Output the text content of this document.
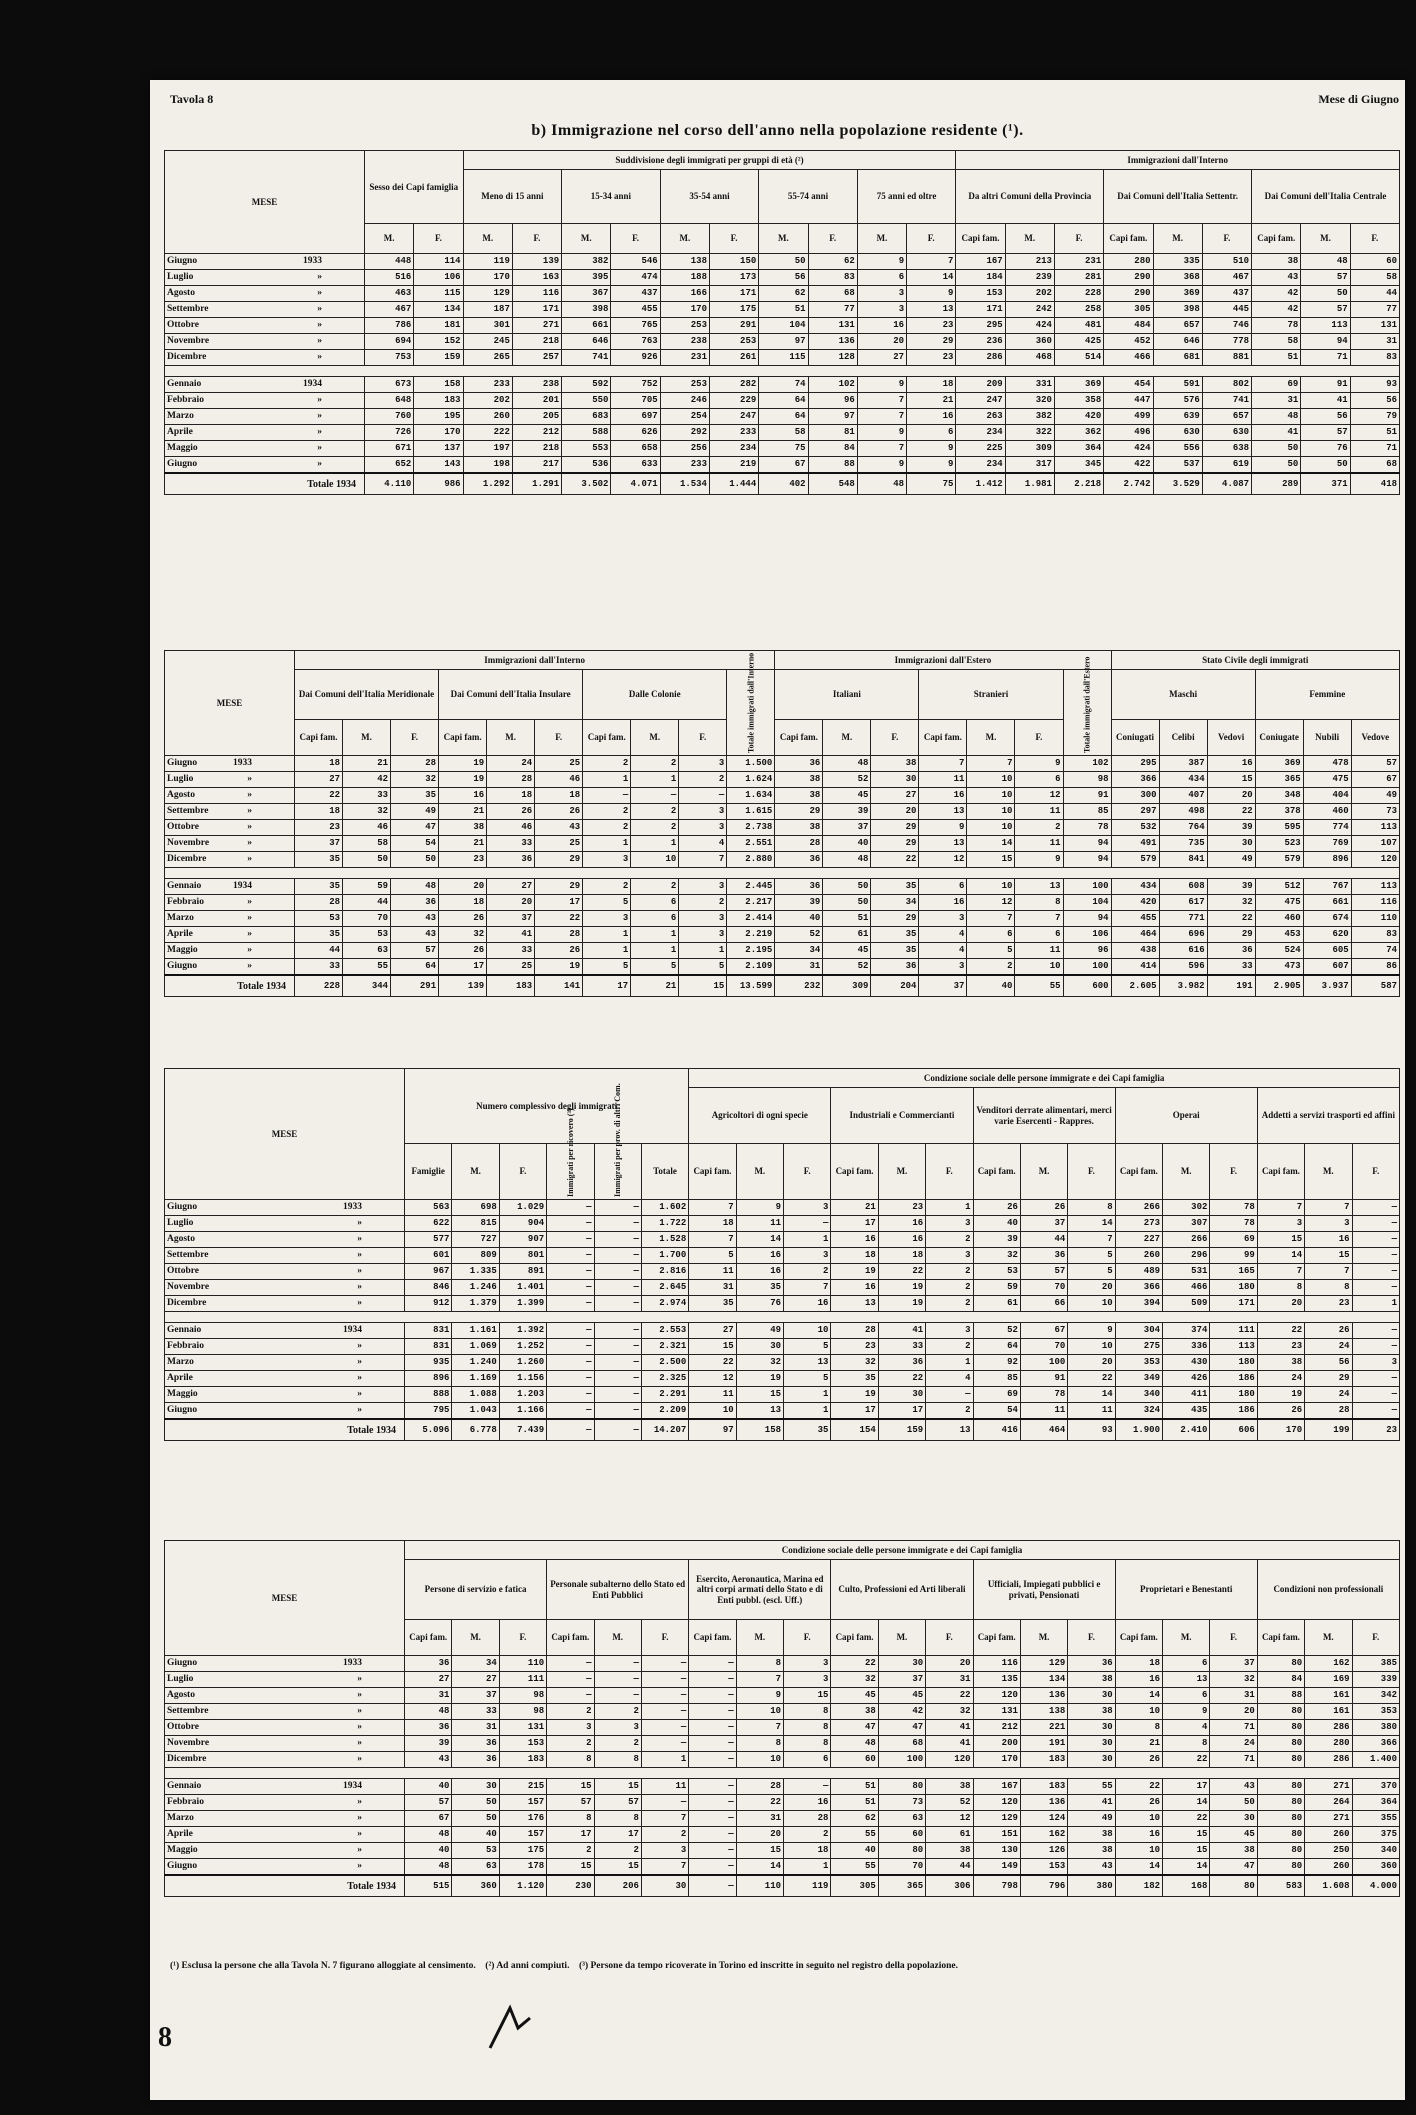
Tavola 8	Mese di Giugno
b) Immigrazione nel corso dell'anno nella popolazione residente (¹).
MESE	Sesso dei Capi famiglia		Suddivisione degli immigrati per gruppi di età (²)										Immigrazioni dall'Interno								
			Meno di 15 anni		15-34 anni		35-54 anni		55-74 anni		75 anni ed oltre		Da altri Comuni della Provincia			Dai Comuni dell'Italia Settentr.			Dai Comuni dell'Italia Centrale		
	M.	F.	M.	F.	M.	F.	M.	F.	M.	F.	M.	F.	Capi fam.	M.	F.	Capi fam.	M.	F.	Capi fam.	M.	F.
Giugno 1933	448	114	119	139	382	546	138	150	50	62	9	7	167	213	231	280	335	510	38	48	60
Luglio »	516	106	170	163	395	474	188	173	56	83	6	14	184	239	281	290	368	467	43	57	58
Agosto »	463	115	129	116	367	437	166	171	62	68	3	9	153	202	228	290	369	437	42	50	44
Settembre »	467	134	187	171	398	455	170	175	51	77	3	13	171	242	258	305	398	445	42	57	77
Ottobre »	786	181	301	271	661	765	253	291	104	131	16	23	295	424	481	484	657	746	78	113	131
Novembre »	694	152	245	218	646	763	238	253	97	136	20	29	236	360	425	452	646	778	58	94	31
Dicembre »	753	159	265	257	741	926	231	261	115	128	27	23	286	468	514	466	681	881	51	71	83

Gennaio 1934	673	158	233	238	592	752	253	282	74	102	9	18	209	331	369	454	591	802	69	91	93
Febbraio »	648	183	202	201	550	705	246	229	64	96	7	21	247	320	358	447	576	741	31	41	56
Marzo »	760	195	260	205	683	697	254	247	64	97	7	16	263	382	420	499	639	657	48	56	79
Aprile »	726	170	222	212	588	626	292	233	58	81	9	6	234	322	362	496	630	630	41	57	51
Maggio »	671	137	197	218	553	658	256	234	75	84	7	9	225	309	364	424	556	638	50	76	71
Giugno »	652	143	198	217	536	633	233	219	67	88	9	9	234	317	345	422	537	619	50	50	68
Totale 1934	4.110	986	1.292	1.291	3.502	4.071	1.534	1.444	402	548	48	75	1.412	1.981	2.218	2.742	3.529	4.087	289	371	418
MESE	Immigrazioni dall'Interno										Immigrazioni dall'Estero							Stato Civile degli immigrati					
	Dai Comuni dell'Italia Meridionale			Dai Comuni dell'Italia Insulare			Dalle Colonie			Totale immigrati dall'Interno	Italiani			Stranieri			Totale immigrati dall'Estero	Maschi			Femmine		
	Capi fam.	M.	F.	Capi fam.	M.	F.	Capi fam.	M.	F.		Capi fam.	M.	F.	Capi fam.	M.	F.		Coniugati	Celibi	Vedovi	Coniugate	Nubili	Vedove
Giugno 1933	18	21	28	19	24	25	2	2	3	1.500	36	48	38	7	7	9	102	295	387	16	369	478	57
Luglio »	27	42	32	19	28	46	1	1	2	1.624	38	52	30	11	10	6	98	366	434	15	365	475	67
Agosto »	22	33	35	16	18	18	—	—	—	1.634	38	45	27	16	10	12	91	300	407	20	348	404	49
Settembre »	18	32	49	21	26	26	2	2	3	1.615	29	39	20	13	10	11	85	297	498	22	378	460	73
Ottobre »	23	46	47	38	46	43	2	2	3	2.738	38	37	29	9	10	2	78	532	764	39	595	774	113
Novembre »	37	58	54	21	33	25	1	1	4	2.551	28	40	29	13	14	11	94	491	735	30	523	769	107
Dicembre »	35	50	50	23	36	29	3	10	7	2.880	36	48	22	12	15	9	94	579	841	49	579	896	120

Gennaio 1934	35	59	48	20	27	29	2	2	3	2.445	36	50	35	6	10	13	100	434	608	39	512	767	113
Febbraio »	28	44	36	18	20	17	5	6	2	2.217	39	50	34	16	12	8	104	420	617	32	475	661	116
Marzo »	53	70	43	26	37	22	3	6	3	2.414	40	51	29	3	7	7	94	455	771	22	460	674	110
Aprile »	35	53	43	32	41	28	1	1	3	2.219	52	61	35	4	6	6	106	464	696	29	453	620	83
Maggio »	44	63	57	26	33	26	1	1	1	2.195	34	45	35	4	5	11	96	438	616	36	524	605	74
Giugno »	33	55	64	17	25	19	5	5	5	2.109	31	52	36	3	2	10	100	414	596	33	473	607	86
Totale 1934	228	344	291	139	183	141	17	21	15	13.599	232	309	204	37	40	55	600	2.605	3.982	191	2.905	3.937	587
MESE	Numero complessivo degli immigrati						Condizione sociale delle persone immigrate e dei Capi famiglia														
							Agricoltori di ogni specie			Industriali e Commercianti			Venditori derrate alimentari, merci varie Esercenti - Rappres.			Operai			Addetti a servizi trasporti ed affini		
	Famiglie	M.	F.	Immigrati per ricovero (³)	Immigrati per prov. di altri Com.	Totale	Capi fam.	M.	F.	Capi fam.	M.	F.	Capi fam.	M.	F.	Capi fam.	M.	F.	Capi fam.	M.	F.
Giugno 1933	563	698	1.029	—	—	1.602	7	9	3	21	23	1	26	26	8	266	302	78	7	7	—
Luglio »	622	815	904	—	—	1.722	18	11	—	17	16	3	40	37	14	273	307	78	3	3	—
Agosto »	577	727	907	—	—	1.528	7	14	1	16	16	2	39	44	7	227	266	69	15	16	—
Settembre »	601	809	801	—	—	1.700	5	16	3	18	18	3	32	36	5	260	296	99	14	15	—
Ottobre »	967	1.335	891	—	—	2.816	11	16	2	19	22	2	53	57	5	489	531	165	7	7	—
Novembre »	846	1.246	1.401	—	—	2.645	31	35	7	16	19	2	59	70	20	366	466	180	8	8	—
Dicembre »	912	1.379	1.399	—	—	2.974	35	76	16	13	19	2	61	66	10	394	509	171	20	23	1

Gennaio 1934	831	1.161	1.392	—	—	2.553	27	49	10	28	41	3	52	67	9	304	374	111	22	26	—
Febbraio »	831	1.069	1.252	—	—	2.321	15	30	5	23	33	2	64	70	10	275	336	113	23	24	—
Marzo »	935	1.240	1.260	—	—	2.500	22	32	13	32	36	1	92	100	20	353	430	180	38	56	3
Aprile »	896	1.169	1.156	—	—	2.325	12	19	5	35	22	4	85	91	22	349	426	186	24	29	—
Maggio »	888	1.088	1.203	—	—	2.291	11	15	1	19	30	—	69	78	14	340	411	180	19	24	—
Giugno »	795	1.043	1.166	—	—	2.209	10	13	1	17	17	2	54	11	11	324	435	186	26	28	—
Totale 1934	5.096	6.778	7.439	—	—	14.207	97	158	35	154	159	13	416	464	93	1.900	2.410	606	170	199	23
MESE	Condizione sociale delle persone immigrate e dei Capi famiglia																				
	Persone di servizio e fatica			Personale subalterno dello Stato ed Enti Pubblici			Esercito, Aeronautica, Marina ed altri corpi armati dello Stato e di Enti pubbl. (escl. Uff.)			Culto, Professioni ed Arti liberali			Ufficiali, Impiegati pubblici e privati, Pensionati			Proprietari e Benestanti			Condizioni non professionali		
	Capi fam.	M.	F.	Capi fam.	M.	F.	Capi fam.	M.	F.	Capi fam.	M.	F.	Capi fam.	M.	F.	Capi fam.	M.	F.	Capi fam.	M.	F.
Giugno 1933	36	34	110	—	—	—	—	8	3	22	30	20	116	129	36	18	6	37	80	162	385
Luglio »	27	27	111	—	—	—	—	7	3	32	37	31	135	134	38	16	13	32	84	169	339
Agosto »	31	37	98	—	—	—	—	9	15	45	45	22	120	136	30	14	6	31	88	161	342
Settembre »	48	33	98	2	2	—	—	10	8	38	42	32	131	138	38	10	9	20	80	161	353
Ottobre »	36	31	131	3	3	—	—	7	8	47	47	41	212	221	30	8	4	71	80	286	380
Novembre »	39	36	153	2	2	—	—	8	8	48	68	41	200	191	30	21	8	24	80	280	366
Dicembre »	43	36	183	8	8	1	—	10	6	60	100	120	170	183	30	26	22	71	80	286	1.400

Gennaio 1934	40	30	215	15	15	11	—	28	—	51	80	38	167	183	55	22	17	43	80	271	370
Febbraio »	57	50	157	57	57	—	—	22	16	51	73	52	120	136	41	26	14	50	80	264	364
Marzo »	67	50	176	8	8	7	—	31	28	62	63	12	129	124	49	10	22	30	80	271	355
Aprile »	48	40	157	17	17	2	—	20	2	55	60	61	151	162	38	16	15	45	80	260	375
Maggio »	40	53	175	2	2	3	—	15	18	40	80	38	130	126	38	10	15	38	80	250	340
Giugno »	48	63	178	15	15	7	—	14	1	55	70	44	149	153	43	14	14	47	80	260	360
Totale 1934	515	360	1.120	230	206	30	—	110	119	305	365	306	798	796	380	182	168	80	583	1.608	4.000
(¹) Esclusa la persone che alla Tavola N. 7 figurano alloggiate al censimento. (²) Ad anni compiuti. (³) Persone da tempo ricoverate in Torino ed inscritte in seguito nel registro della popolazione.
8
